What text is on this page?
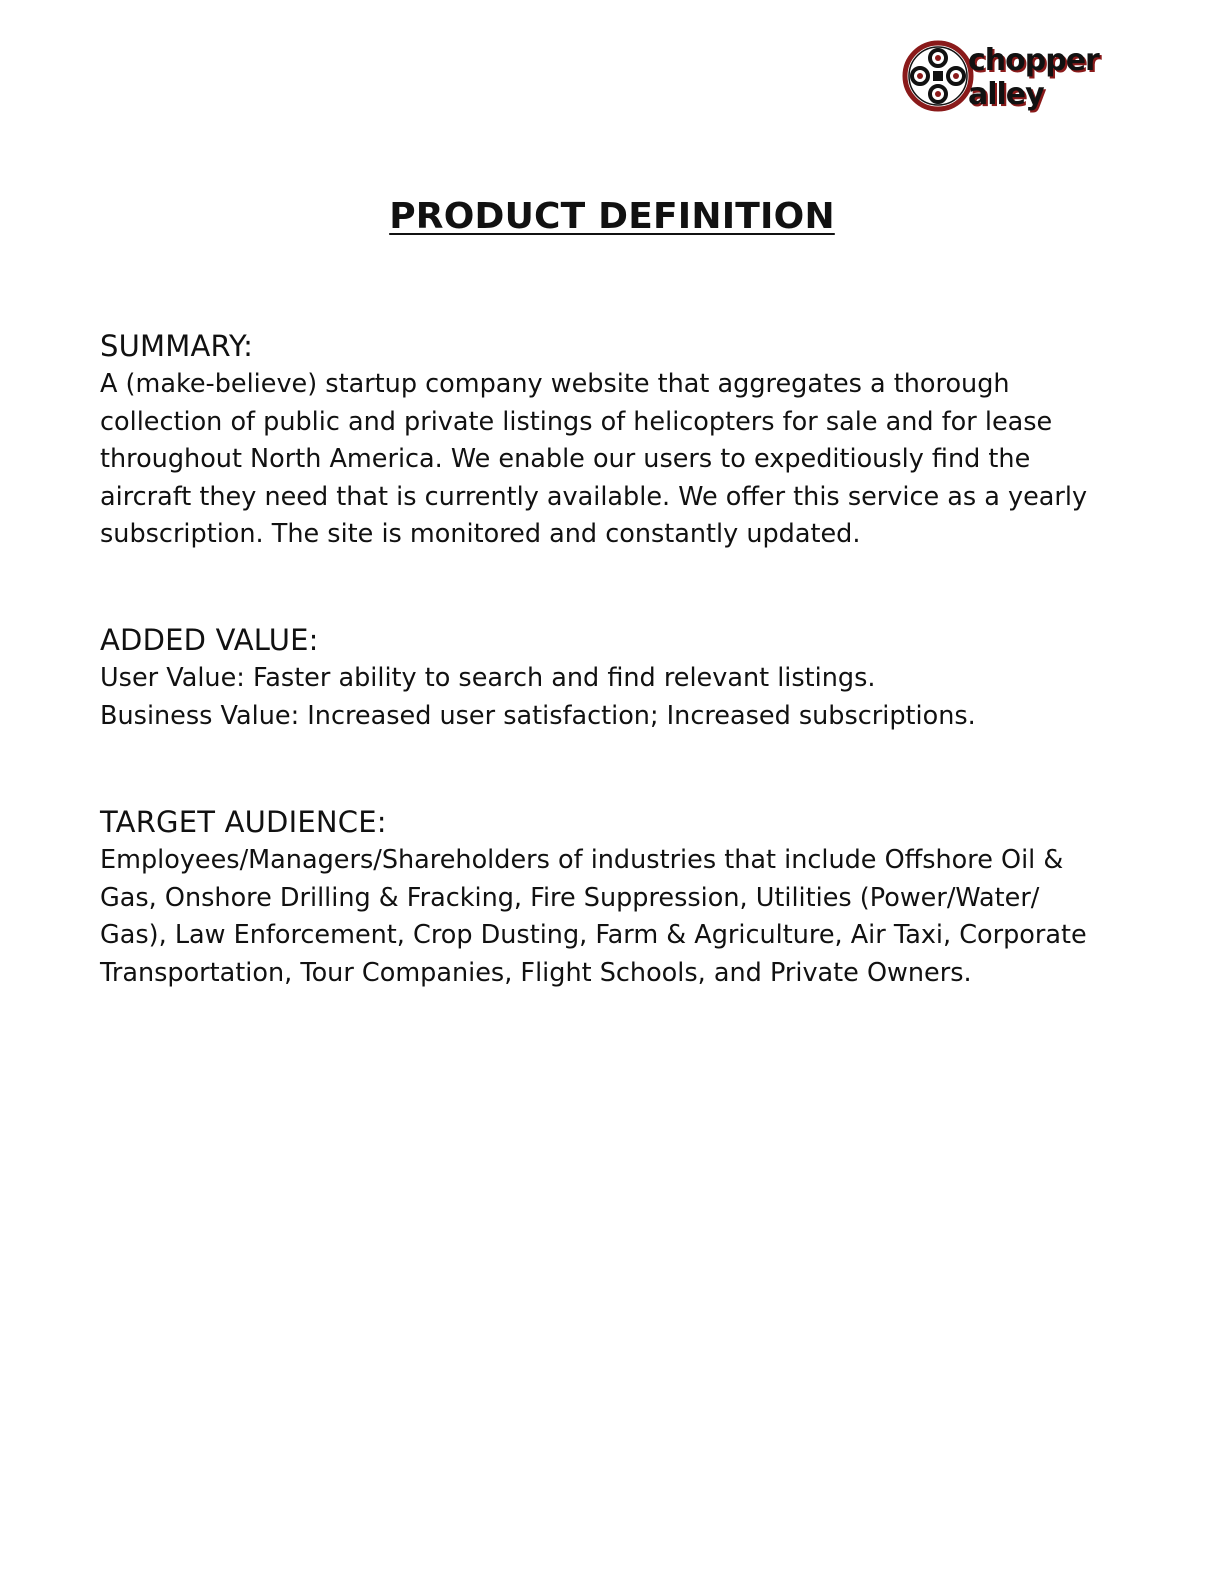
chopper
alley
PRODUCT DEFINITION
SUMMARY:

A (make-believe) startup company website that aggregates a thorough
collection of public and private listings of helicopters for sale and for lease
throughout North America. We enable our users to expeditiously find the
aircraft they need that is currently available. We offer this service as a yearly
subscription. The site is monitored and constantly updated.

ADDED VALUE:

User Value: Faster ability to search and find relevant listings.
Business Value: Increased user satisfaction; Increased subscriptions.

TARGET AUDIENCE:

Employees/Managers/Shareholders of industries that include Offshore Oil &
Gas, Onshore Drilling & Fracking, Fire Suppression, Utilities (Power/Water/
Gas), Law Enforcement, Crop Dusting, Farm & Agriculture, Air Taxi, Corporate
Transportation, Tour Companies, Flight Schools, and Private Owners.
